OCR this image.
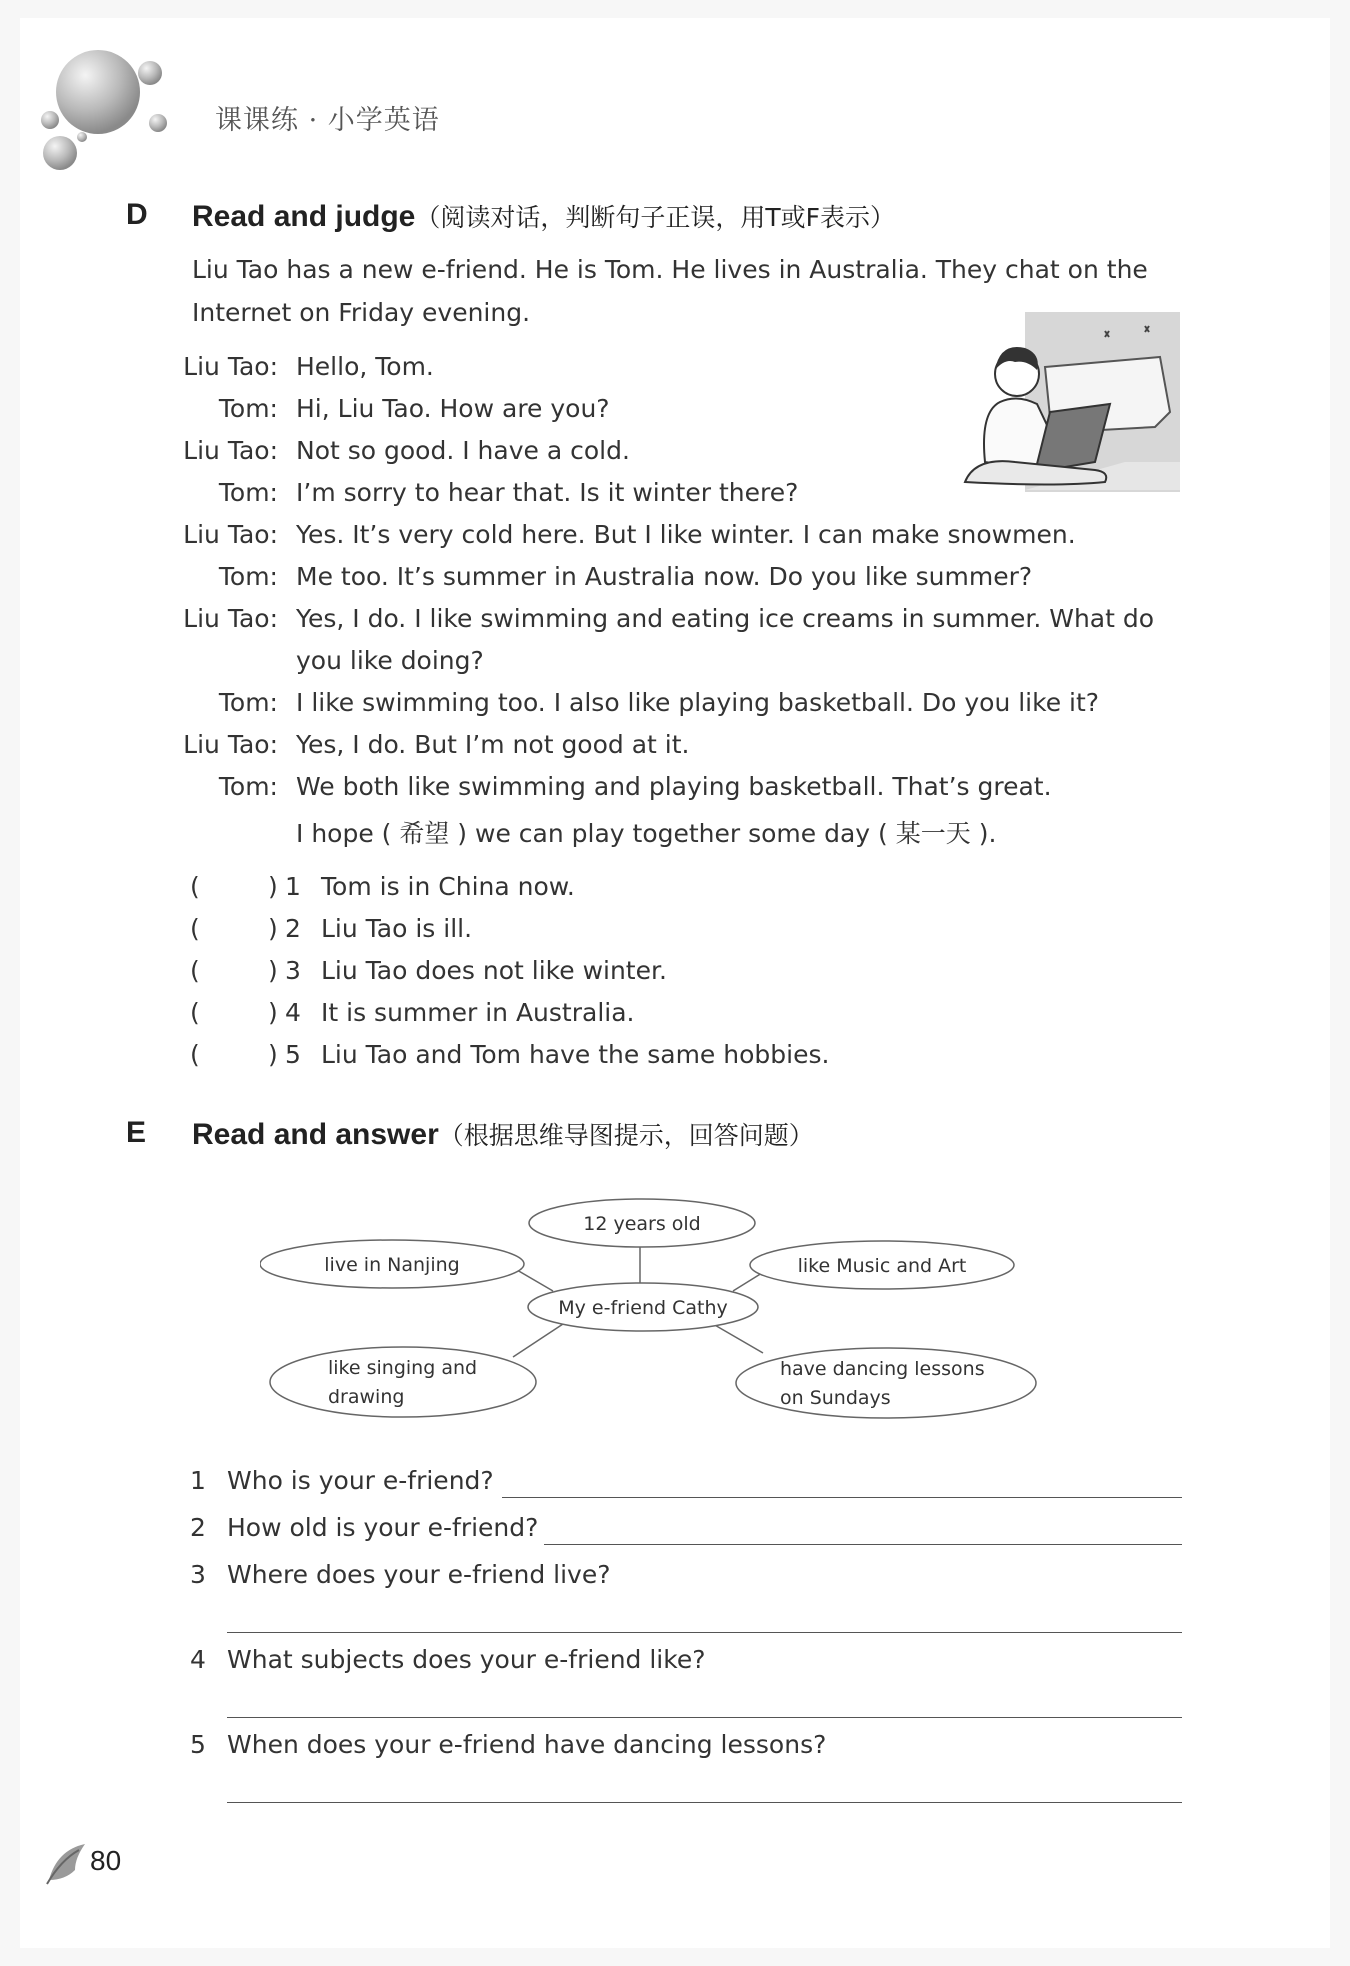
课课练 · 小学英语
D Read and judge（阅读对话，判断句子正误，用T或F表示）
Liu Tao has a new e-friend. He is Tom. He lives in Australia. They chat on the
Internet on Friday evening.
Liu Tao: Hello, Tom.
Tom: Hi, Liu Tao. How are you?
Liu Tao: Not so good. I have a cold.
Tom: I’m sorry to hear that. Is it winter there?
Liu Tao: Yes. It’s very cold here. But I like winter. I can make snowmen.
Tom: Me too. It’s summer in Australia now. Do you like summer?
Liu Tao: Yes, I do. I like swimming and eating ice creams in summer. What do
you like doing?
Tom: I like swimming too. I also like playing basketball. Do you like it?
Liu Tao: Yes, I do. But I’m not good at it.
Tom: We both like swimming and playing basketball. That’s great.
I hope ( 希望 ) we can play together some day ( 某一天 ).
(	) 1 Tom is in China now.
(	) 2 Liu Tao is ill.
(	) 3 Liu Tao does not like winter.
(	) 4 It is summer in Australia.
(	) 5 Liu Tao and Tom have the same hobbies.
E Read and answer（根据思维导图提示，回答问题）
12 years old
live in Nanjing	like Music and Art
My e-friend Cathy
like singing and
drawing
have dancing lessons
on Sundays
1 Who is your e-friend?
2 How old is your e-friend?
3 Where does your e-friend live?
4 What subjects does your e-friend like?
5 When does your e-friend have dancing lessons?
80
